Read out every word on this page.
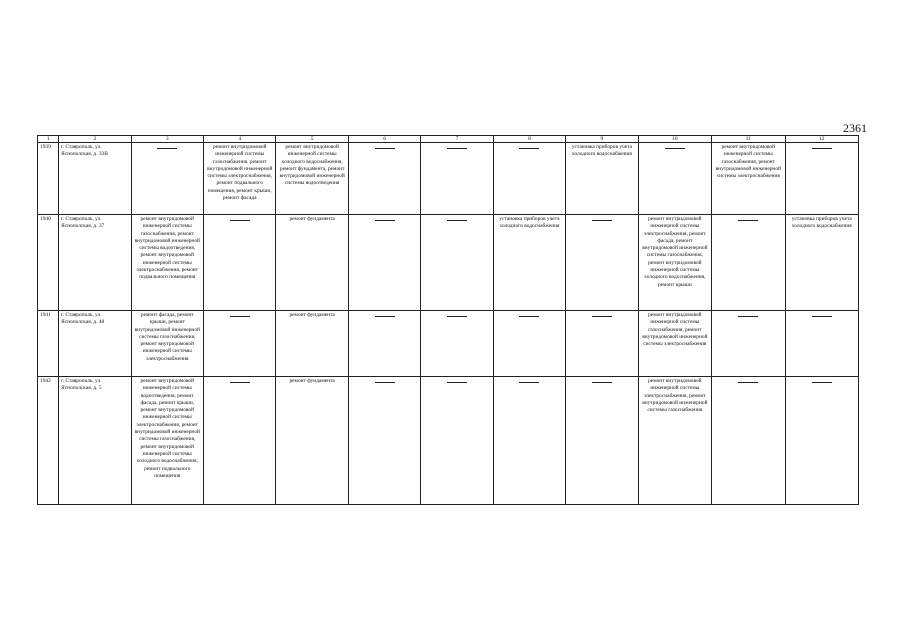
2361
1	2	3	4	5	6	7	8	9	10	11	12
1939	г. Ставрополь, ул. Яснополская, д. 33В		ремонт внутридомовой инженерной системы газоснабжения, ремонт внутридомовой инженерной системы электроснабжения, ремонт подвального помещения, ремонт крыши, ремонт фасада	ремонт внутридомовой инженерной системы холодного водоснабжения, ремонт фундамента, ремонт внутридомовой инженерной системы водоотведения				установка приборов учета холодного водоснабжения		ремонт внутридомовой инженерной системы газоснабжения, ремонт внутридомовой инженерной системы электроснабжения	
1940	г. Ставрополь, ул. Яснополская, д. 37	ремонт внутридомовой инженерной системы газоснабжения, ремонт внутридомовой инженерной системы водоотведения, ремонт внутридомовой инженерной системы электроснабжения, ремонт подвального помещения		ремонт фундамента			установка приборов учета холодного водоснабжения		ремонт внутридомовой инженерной системы электроснабжения, ремонт фасада, ремонт внутридомовой инженерной системы газоснабжения, ремонт внутридомовой инженерной системы холодного водоснабжения, ремонт крыши		установка приборов учета холодного водоснабжения
1941	г. Ставрополь, ул. Яснополская, д. 48	ремонт фасада, ремонт крыши, ремонт внутридомовой инженерной системы газоснабжения, ремонт внутридомовой инженерной системы электроснабжения		ремонт фундамента					ремонт внутридомовой инженерной системы газоснабжения, ремонт внутридомовой инженерной системы электроснабжения		
1942	г. Ставрополь, ул. Яснополская, д. 5	ремонт внутридомовой инженерной системы водоотведения, ремонт фасада, ремонт крыши, ремонт внутридомовой инженерной системы электроснабжения, ремонт внутридомовой инженерной системы газоснабжения, ремонт внутридомовой инженерной системы холодного водоснабжения, ремонт подвального помещения		ремонт фундамента					ремонт внутридомовой инженерной системы электроснабжения, ремонт внутридомовой инженерной системы газоснабжения		
